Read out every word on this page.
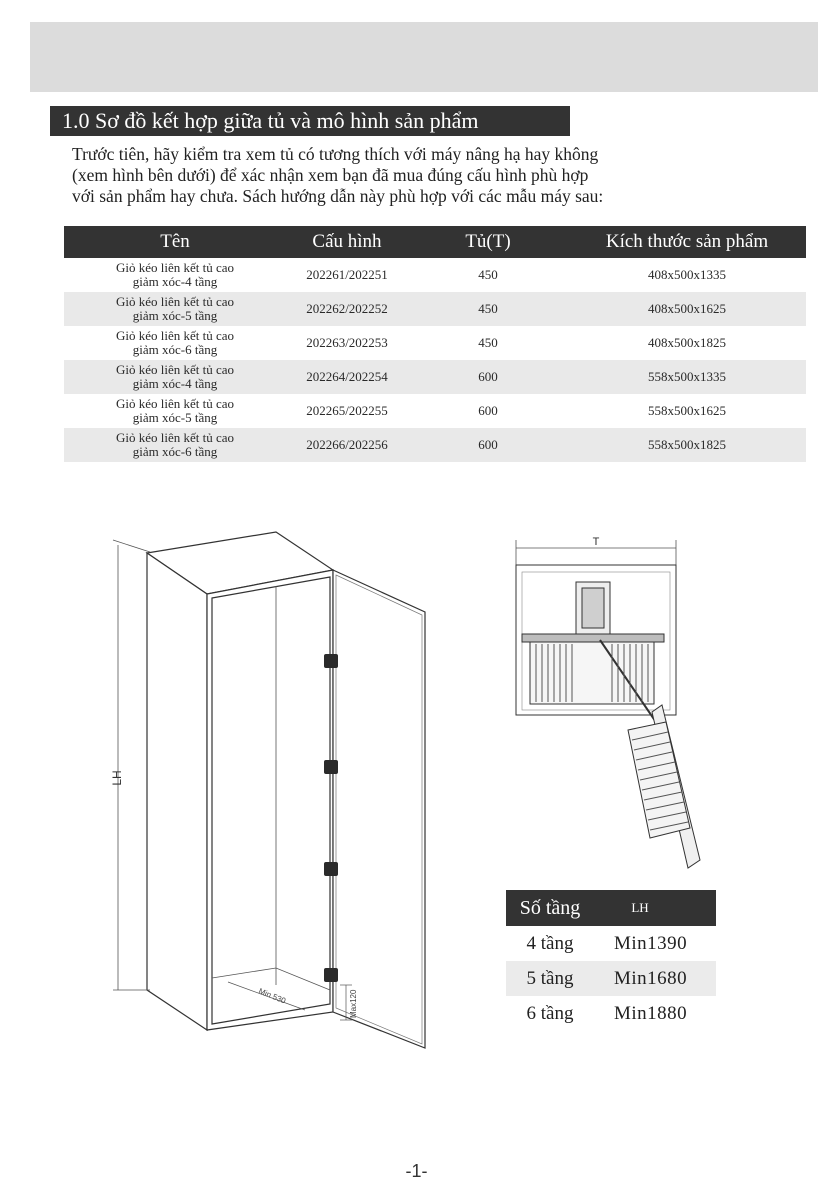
1.0 Sơ đồ kết hợp giữa tủ và mô hình sản phẩm
Trước tiên, hãy kiểm tra xem tủ có tương thích với máy nâng hạ hay không
(xem hình bên dưới) để xác nhận xem bạn đã mua đúng cấu hình phù hợp
với sản phẩm hay chưa. Sách hướng dẫn này phù hợp với các mẫu máy sau:
Tên	Cấu hình	Tủ(T)	Kích thước sản phẩm
Giỏ kéo liên kết tủ cao
giảm xóc-4 tầng	202261/202251	450	408x500x1335
Giỏ kéo liên kết tủ cao
giảm xóc-5 tầng	202262/202252	450	408x500x1625
Giỏ kéo liên kết tủ cao
giảm xóc-6 tầng	202263/202253	450	408x500x1825
Giỏ kéo liên kết tủ cao
giảm xóc-4 tầng	202264/202254	600	558x500x1335
Giỏ kéo liên kết tủ cao
giảm xóc-5 tầng	202265/202255	600	558x500x1625
Giỏ kéo liên kết tủ cao
giảm xóc-6 tầng	202266/202256	600	558x500x1825
LH
Min 530	Max120
T
Số tầng	LH
4 tầng	Min1390
5 tầng	Min1680
6 tầng	Min1880
-1-
